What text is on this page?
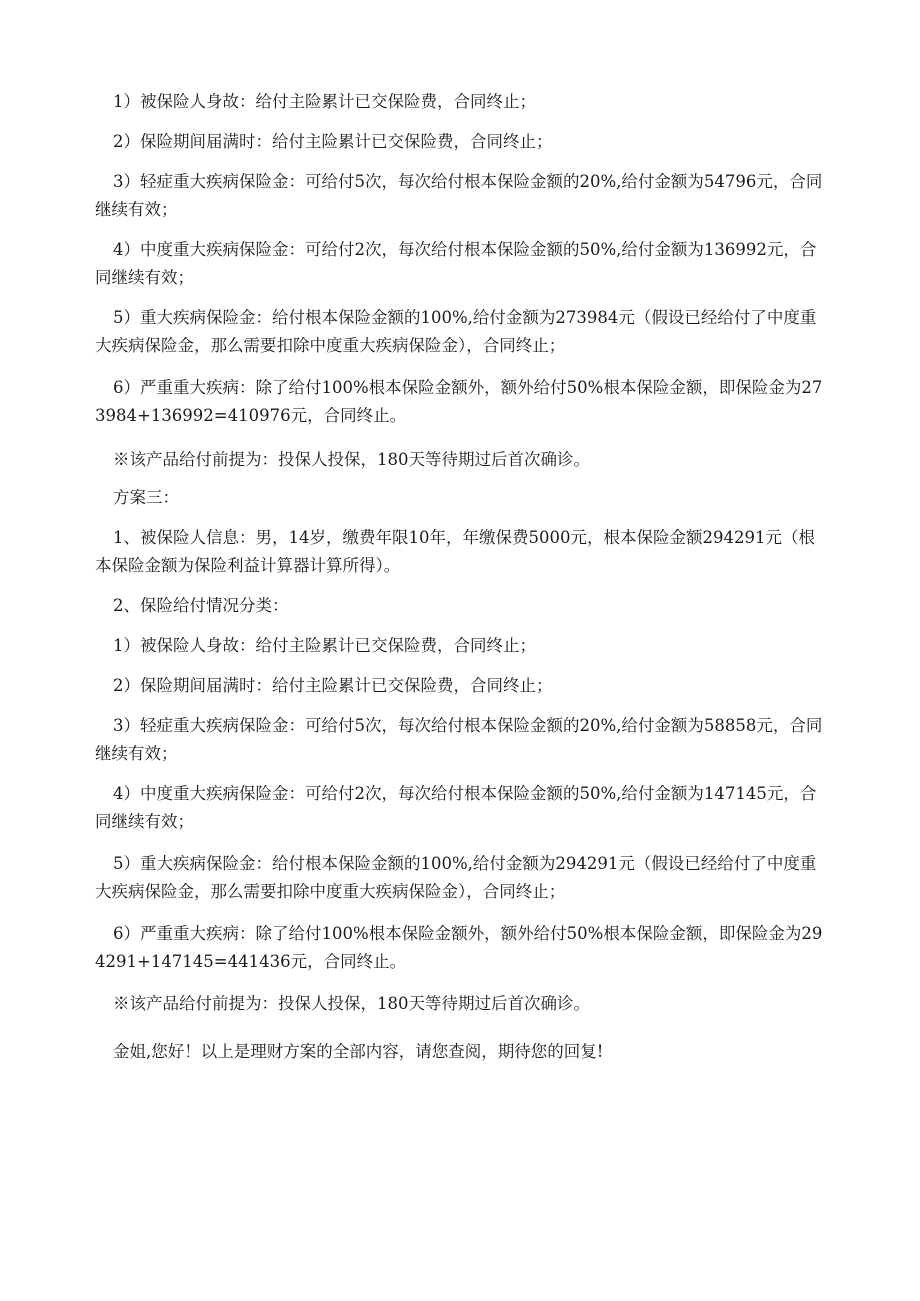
1）被保险人身故：给付主险累计已交保险费，合同终止；

2）保险期间届满时：给付主险累计已交保险费，合同终止；

3）轻症重大疾病保险金：可给付5次，每次给付根本保险金额的20%,给付金额为54796元，合同继续有效；

4）中度重大疾病保险金：可给付2次，每次给付根本保险金额的50%,给付金额为136992元，合同继续有效；

5）重大疾病保险金：给付根本保险金额的100%,给付金额为273984元（假设已经给付了中度重大疾病保险金，那么需要扣除中度重大疾病保险金），合同终止；

6）严重重大疾病：除了给付100%根本保险金额外，额外给付50%根本保险金额，即保险金为273984+136992=410976元，合同终止。

※该产品给付前提为：投保人投保，180天等待期过后首次确诊。

方案三：

1、被保险人信息：男，14岁，缴费年限10年，年缴保费5000元，根本保险金额294291元（根本保险金额为保险利益计算器计算所得）。

2、保险给付情况分类：

1）被保险人身故：给付主险累计已交保险费，合同终止；

2）保险期间届满时：给付主险累计已交保险费，合同终止；

3）轻症重大疾病保险金：可给付5次，每次给付根本保险金额的20%,给付金额为58858元，合同继续有效；

4）中度重大疾病保险金：可给付2次，每次给付根本保险金额的50%,给付金额为147145元，合同继续有效；

5）重大疾病保险金：给付根本保险金额的100%,给付金额为294291元（假设已经给付了中度重大疾病保险金，那么需要扣除中度重大疾病保险金），合同终止；

6）严重重大疾病：除了给付100%根本保险金额外，额外给付50%根本保险金额，即保险金为294291+147145=441436元，合同终止。

※该产品给付前提为：投保人投保，180天等待期过后首次确诊。

金姐,您好！以上是理财方案的全部内容，请您查阅，期待您的回复!
